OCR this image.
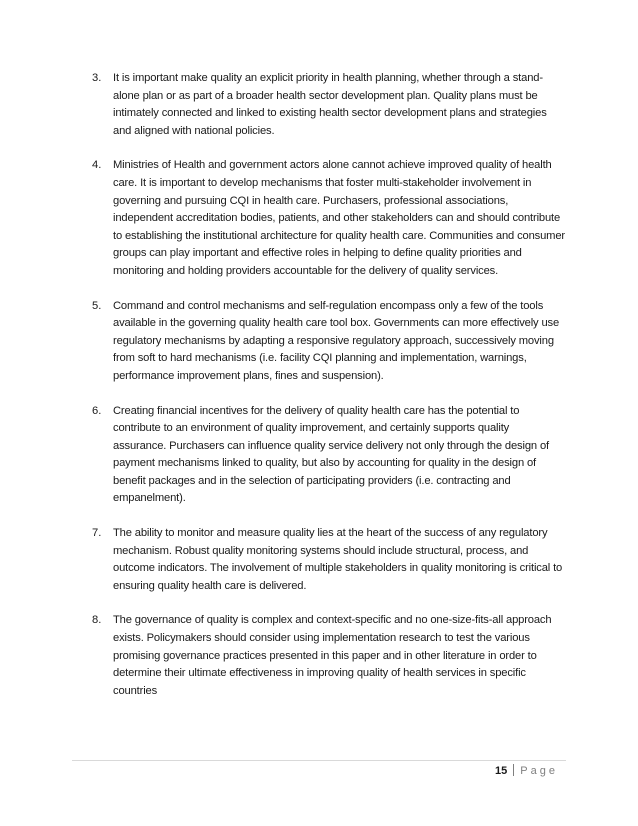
3. It is important make quality an explicit priority in health planning, whether through a stand-alone plan or as part of a broader health sector development plan. Quality plans must be intimately connected and linked to existing health sector development plans and strategies and aligned with national policies.
4. Ministries of Health and government actors alone cannot achieve improved quality of health care. It is important to develop mechanisms that foster multi-stakeholder involvement in governing and pursuing CQI in health care. Purchasers, professional associations, independent accreditation bodies, patients, and other stakeholders can and should contribute to establishing the institutional architecture for quality health care. Communities and consumer groups can play important and effective roles in helping to define quality priorities and monitoring and holding providers accountable for the delivery of quality services.
5. Command and control mechanisms and self-regulation encompass only a few of the tools available in the governing quality health care tool box. Governments can more effectively use regulatory mechanisms by adapting a responsive regulatory approach, successively moving from soft to hard mechanisms (i.e. facility CQI planning and implementation, warnings, performance improvement plans, fines and suspension).
6. Creating financial incentives for the delivery of quality health care has the potential to contribute to an environment of quality improvement, and certainly supports quality assurance. Purchasers can influence quality service delivery not only through the design of payment mechanisms linked to quality, but also by accounting for quality in the design of benefit packages and in the selection of participating providers (i.e. contracting and empanelment).
7. The ability to monitor and measure quality lies at the heart of the success of any regulatory mechanism. Robust quality monitoring systems should include structural, process, and outcome indicators. The involvement of multiple stakeholders in quality monitoring is critical to ensuring quality health care is delivered.
8. The governance of quality is complex and context-specific and no one-size-fits-all approach exists. Policymakers should consider using implementation research to test the various promising governance practices presented in this paper and in other literature in order to determine their ultimate effectiveness in improving quality of health services in specific countries
15 Page
